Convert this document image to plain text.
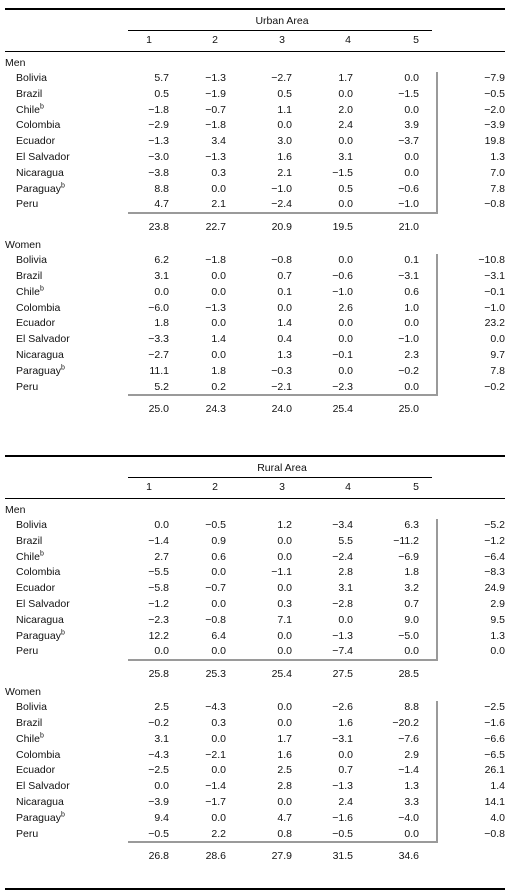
Urban Area
1	2	3	4	5
Men
Bolivia	5.7	−1.3	−2.7	1.7	0.0	−7.9
Brazil	0.5	−1.9	0.5	0.0	−1.5	−0.5
Chile$^b$	−1.8	−0.7	1.1	2.0	0.0	−2.0
Colombia	−2.9	−1.8	0.0	2.4	3.9	−3.9
Ecuador	−1.3	3.4	3.0	0.0	−3.7	19.8
El Salvador	−3.0	−1.3	1.6	3.1	0.0	1.3
Nicaragua	−3.8	0.3	2.1	−1.5	0.0	7.0
Paraguay$^b$	8.8	0.0	−1.0	0.5	−0.6	7.8
Peru	4.7	2.1	−2.4	0.0	−1.0	−0.8
23.8	22.7	20.9	19.5	21.0
Women
Bolivia	6.2	−1.8	−0.8	0.0	0.1	−10.8
Brazil	3.1	0.0	0.7	−0.6	−3.1	−3.1
Chile$^b$	0.0	0.0	0.1	−1.0	0.6	−0.1
Colombia	−6.0	−1.3	0.0	2.6	1.0	−1.0
Ecuador	1.8	0.0	1.4	0.0	0.0	23.2
El Salvador	−3.3	1.4	0.4	0.0	−1.0	0.0
Nicaragua	−2.7	0.0	1.3	−0.1	2.3	9.7
Paraguay$^b$	11.1	1.8	−0.3	0.0	−0.2	7.8
Peru	5.2	0.2	−2.1	−2.3	0.0	−0.2
25.0	24.3	24.0	25.4	25.0
Rural Area
1	2	3	4	5
Men
Bolivia	0.0	−0.5	1.2	−3.4	6.3	−5.2
Brazil	−1.4	0.9	0.0	5.5	−11.2	−1.2
Chile$^b$	2.7	0.6	0.0	−2.4	−6.9	−6.4
Colombia	−5.5	0.0	−1.1	2.8	1.8	−8.3
Ecuador	−5.8	−0.7	0.0	3.1	3.2	24.9
El Salvador	−1.2	0.0	0.3	−2.8	0.7	2.9
Nicaragua	−2.3	−0.8	7.1	0.0	9.0	9.5
Paraguay$^b$	12.2	6.4	0.0	−1.3	−5.0	1.3
Peru	0.0	0.0	0.0	−7.4	0.0	0.0
25.8	25.3	25.4	27.5	28.5
Women
Bolivia	2.5	−4.3	0.0	−2.6	8.8	−2.5
Brazil	−0.2	0.3	0.0	1.6	−20.2	−1.6
Chile$^b$	3.1	0.0	1.7	−3.1	−7.6	−6.6
Colombia	−4.3	−2.1	1.6	0.0	2.9	−6.5
Ecuador	−2.5	0.0	2.5	0.7	−1.4	26.1
El Salvador	0.0	−1.4	2.8	−1.3	1.3	1.4
Nicaragua	−3.9	−1.7	0.0	2.4	3.3	14.1
Paraguay$^b$	9.4	0.0	4.7	−1.6	−4.0	4.0
Peru	−0.5	2.2	0.8	−0.5	0.0	−0.8
26.8	28.6	27.9	31.5	34.6
